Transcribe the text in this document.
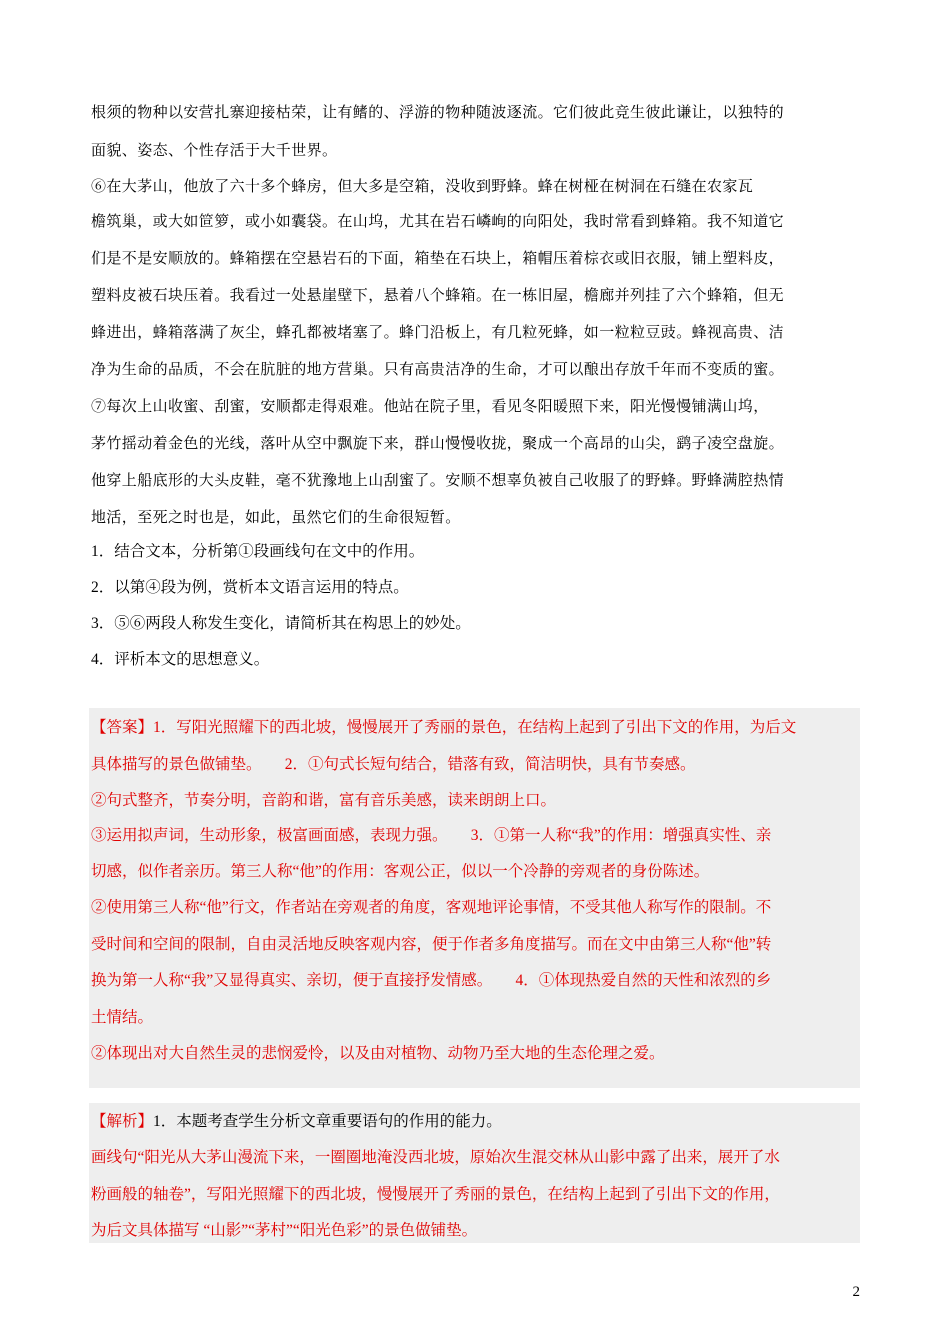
根须的物种以安营扎寨迎接枯荣，让有鳍的、浮游的物种随波逐流。它们彼此竞生彼此谦让，以独特的
面貌、姿态、个性存活于大千世界。
⑥在大茅山，他放了六十多个蜂房，但大多是空箱，没收到野蜂。蜂在树桠在树洞在石缝在农家瓦
檐筑巢，或大如笸箩，或小如囊袋。在山坞，尤其在岩石嶙峋的向阳处，我时常看到蜂箱。我不知道它
们是不是安顺放的。蜂箱摆在空悬岩石的下面，箱垫在石块上，箱帽压着棕衣或旧衣服，铺上塑料皮，
塑料皮被石块压着。我看过一处悬崖壁下，悬着八个蜂箱。在一栋旧屋，檐廊并列挂了六个蜂箱，但无
蜂进出，蜂箱落满了灰尘，蜂孔都被堵塞了。蜂门沿板上，有几粒死蜂，如一粒粒豆豉。蜂视高贵、洁
净为生命的品质，不会在肮脏的地方营巢。只有高贵洁净的生命，才可以酿出存放千年而不变质的蜜。
⑦每次上山收蜜、刮蜜，安顺都走得艰难。他站在院子里，看见冬阳暖照下来，阳光慢慢铺满山坞，
茅竹摇动着金色的光线，落叶从空中飘旋下来，群山慢慢收拢，聚成一个高昂的山尖，鹞子凌空盘旋。
他穿上船底形的大头皮鞋，毫不犹豫地上山刮蜜了。安顺不想辜负被自己收服了的野蜂。野蜂满腔热情
地活，至死之时也是，如此，虽然它们的生命很短暂。
1．结合文本，分析第①段画线句在文中的作用。
2．以第④段为例，赏析本文语言运用的特点。
3．⑤⑥两段人称发生变化，请简析其在构思上的妙处。
4．评析本文的思想意义。
【答案】1．写阳光照耀下的西北坡，慢慢展开了秀丽的景色，在结构上起到了引出下文的作用，为后文
具体描写的景色做铺垫。　　2．①句式长短句结合，错落有致，简洁明快，具有节奏感。
②句式整齐，节奏分明，音韵和谐，富有音乐美感，读来朗朗上口。
③运用拟声词，生动形象，极富画面感，表现力强。　　3．①第一人称“我”的作用：增强真实性、亲
切感，似作者亲历。第三人称“他”的作用：客观公正，似以一个冷静的旁观者的身份陈述。
②使用第三人称“他”行文，作者站在旁观者的角度，客观地评论事情，不受其他人称写作的限制。不
受时间和空间的限制，自由灵活地反映客观内容，便于作者多角度描写。而在文中由第三人称“他”转
换为第一人称“我”又显得真实、亲切，便于直接抒发情感。　　4．①体现热爱自然的天性和浓烈的乡
土情结。
②体现出对大自然生灵的悲悯爱怜，以及由对植物、动物乃至大地的生态伦理之爱。
【解析】1．本题考查学生分析文章重要语句的作用的能力。
画线句“阳光从大茅山漫流下来，一圈圈地淹没西北坡，原始次生混交林从山影中露了出来，展开了水
粉画般的轴卷”，写阳光照耀下的西北坡，慢慢展开了秀丽的景色，在结构上起到了引出下文的作用，
为后文具体描写 “山影”“茅村”“阳光色彩”的景色做铺垫。
2
